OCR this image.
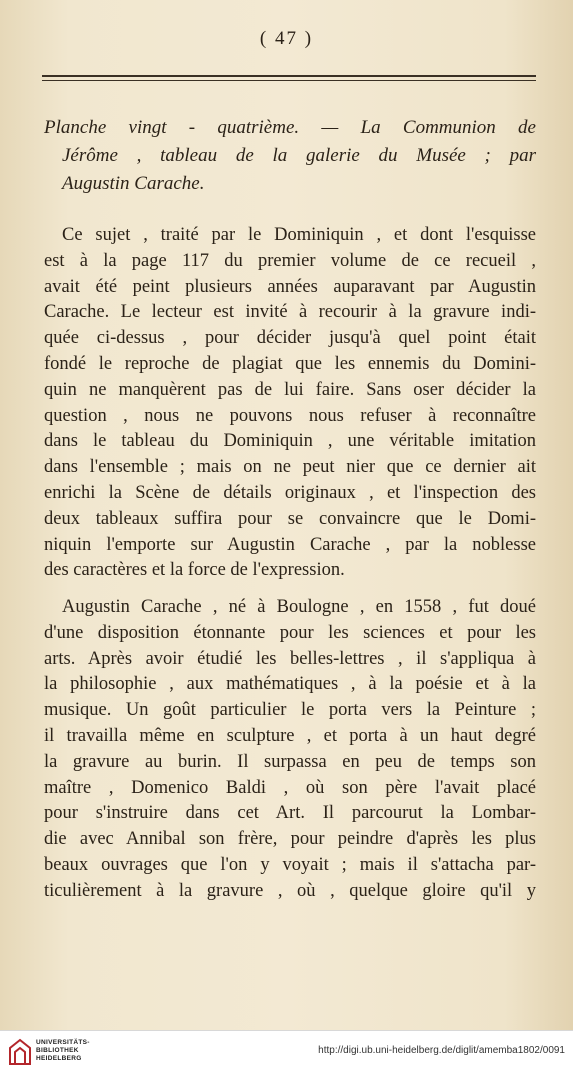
( 47 )
Planche vingt - quatrième. — La Communion de
Jérôme , tableau de la galerie du Musée ; par
Augustin Carache.
Ce sujet , traité par le Dominiquin , et dont l'esquisse
est à la page 117 du premier volume de ce recueil ,
avait été peint plusieurs années auparavant par Augustin
Carache. Le lecteur est invité à recourir à la gravure indi-
quée ci-dessus , pour décider jusqu'à quel point était
fondé le reproche de plagiat que les ennemis du Domini-
quin ne manquèrent pas de lui faire. Sans oser décider la
question , nous ne pouvons nous refuser à reconnaître
dans le tableau du Dominiquin , une véritable imitation
dans l'ensemble ; mais on ne peut nier que ce dernier ait
enrichi la Scène de détails originaux , et l'inspection des
deux tableaux suffira pour se convaincre que le Domi-
niquin l'emporte sur Augustin Carache , par la noblesse
des caractères et la force de l'expression.
Augustin Carache , né à Boulogne , en 1558 , fut doué
d'une disposition étonnante pour les sciences et pour les
arts. Après avoir étudié les belles-lettres , il s'appliqua à
la philosophie , aux mathématiques , à la poésie et à la
musique. Un goût particulier le porta vers la Peinture ;
il travailla même en sculpture , et porta à un haut degré
la gravure au burin. Il surpassa en peu de temps son
maître , Domenico Baldi , où son père l'avait placé
pour s'instruire dans cet Art. Il parcourut la Lombar-
die avec Annibal son frère, pour peindre d'après les plus
beaux ouvrages que l'on y voyait ; mais il s'attacha par-
ticulièrement à la gravure , où , quelque gloire qu'il y
UNIVERSITÄTS-
BIBLIOTHEK
HEIDELBERG
http://digi.ub.uni-heidelberg.de/diglit/amemba1802/0091
